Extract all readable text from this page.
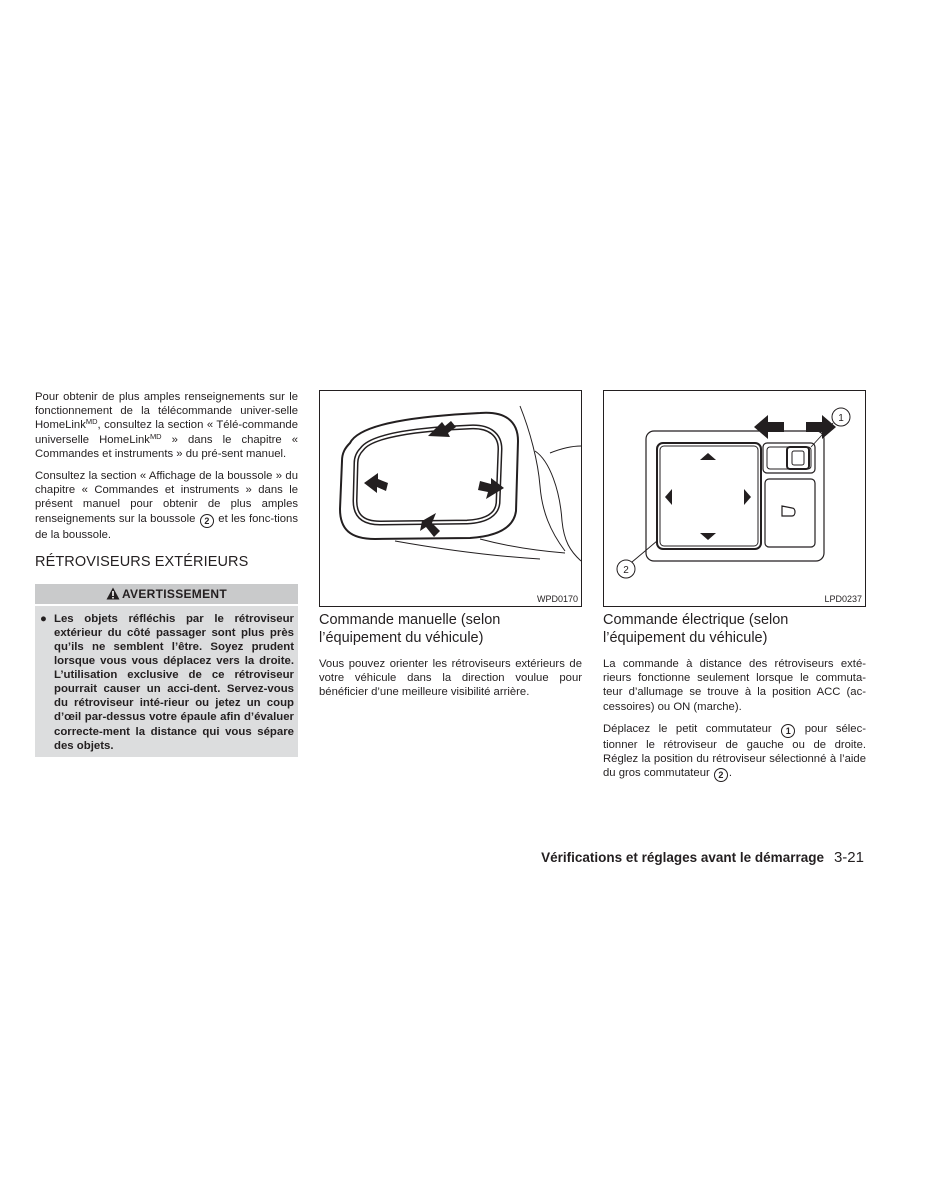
Pour obtenir de plus amples renseignements sur le fonctionnement de la télécommande univer-selle HomeLink$^{MD}$, consultez la section « Télé-commande universelle HomeLink$^{MD}$ » dans le chapitre « Commandes et instruments » du pré-sent manuel.

Consultez la section « Affichage de la boussole » du chapitre « Commandes et instruments » dans le présent manuel pour obtenir de plus amples renseignements sur la boussole 2 et les fonc-tions de la boussole.

RÉTROVISEURS EXTÉRIEURS
AVERTISSEMENT
● Les objets réfléchis par le rétroviseur extérieur du côté passager sont plus près qu’ils ne semblent l’être. Soyez prudent lorsque vous vous déplacez vers la droite. L’utilisation exclusive de ce rétroviseur pourrait causer un acci-dent. Servez-vous du rétroviseur inté-rieur ou jetez un coup d’œil par-dessus votre épaule afin d’évaluer correcte-ment la distance qui vous sépare des objets.
WPD0170
Commande manuelle (selon l’équipement du véhicule)

Vous pouvez orienter les rétroviseurs extérieurs de votre véhicule dans la direction voulue pour bénéficier d’une meilleure visibilité arrière.

1
2
LPD0237
Commande électrique (selon l’équipement du véhicule)

La commande à distance des rétroviseurs exté-rieurs fonctionne seulement lorsque le commuta-teur d’allumage se trouve à la position ACC (ac-cessoires) ou ON (marche).

Déplacez le petit commutateur 1 pour sélec-tionner le rétroviseur de gauche ou de droite. Réglez la position du rétroviseur sélectionné à l’aide du gros commutateur 2 .

Vérifications et réglages avant le démarrage 3-21
